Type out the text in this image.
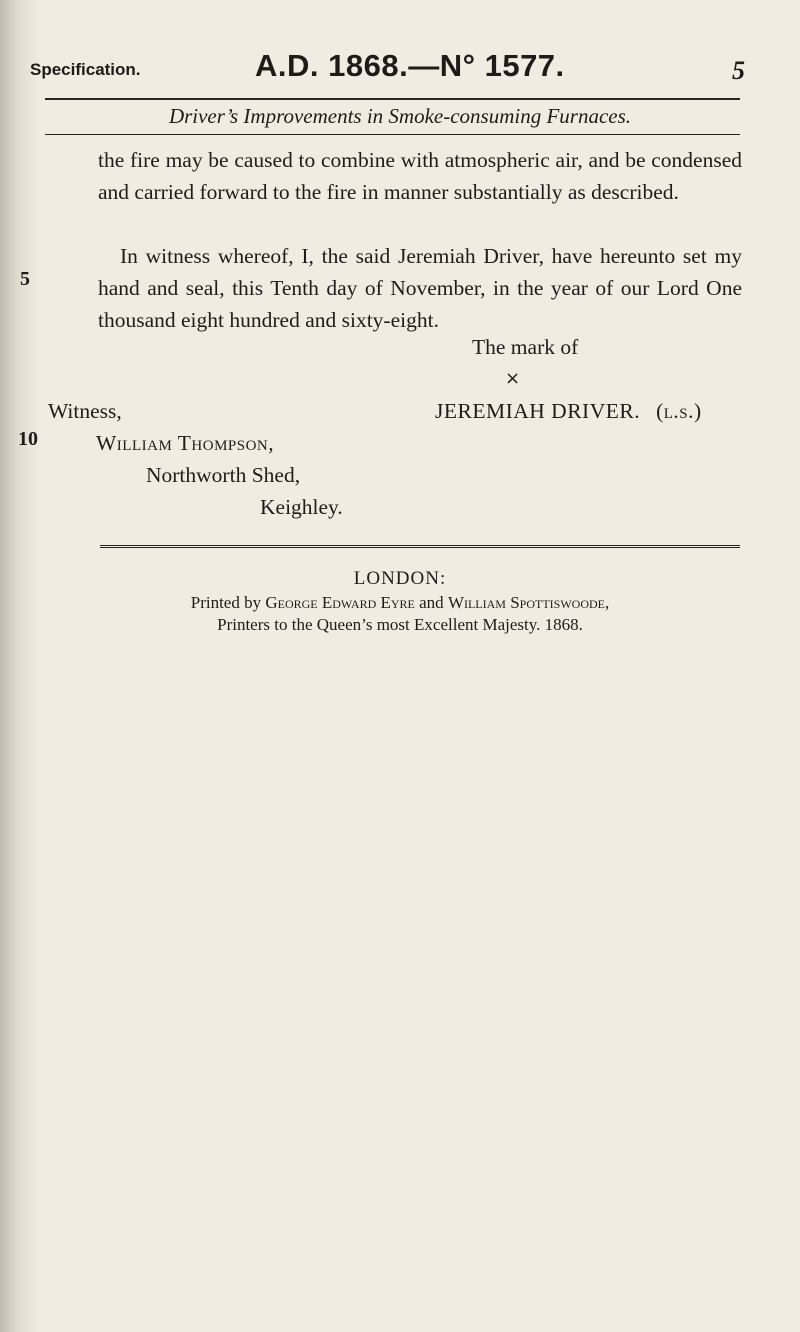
Specification.	A.D. 1868.—N° 1577.	5
Driver’s Improvements in Smoke-consuming Furnaces.

the fire may be caused to combine with atmospheric air, and be condensed and carried forward to the fire in manner substantially as described.

In witness whereof, I, the said Jeremiah Driver, have hereunto set my hand and seal, this Tenth day of November, in the year of our Lord One thousand eight hundred and sixty-eight.

5
10
The mark of
×
JEREMIAH DRIVER. (l.s.)
Witness,
William Thompson,
Northworth Shed,
Keighley.
LONDON:
Printed by George Edward Eyre and William Spottiswoode,
Printers to the Queen’s most Excellent Majesty. 1868.
